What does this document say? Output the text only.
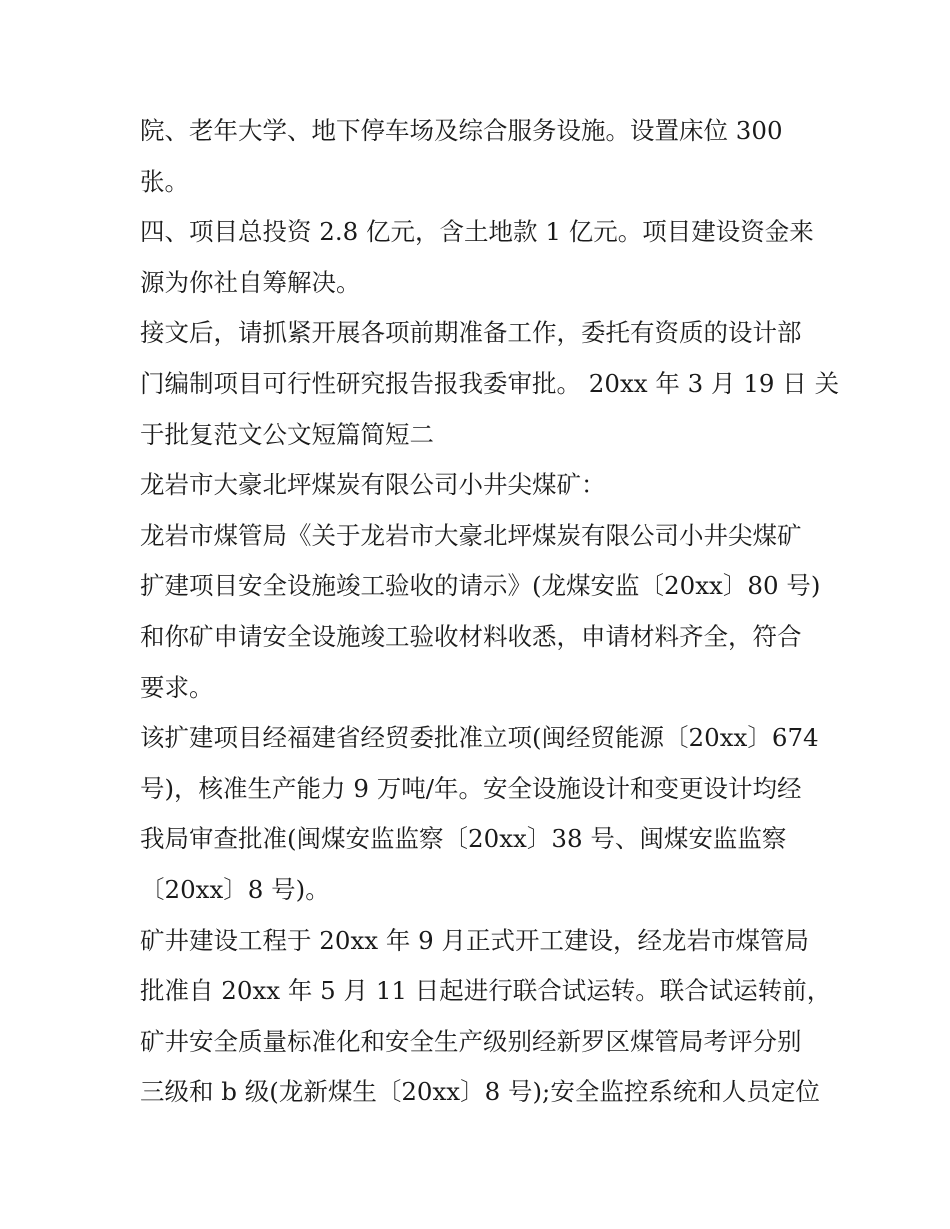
院、老年大学、地下停车场及综合服务设施。设置床位 300
张。
四、项目总投资 2.8 亿元，含土地款 1 亿元。项目建设资金来
源为你社自筹解决。
接文后，请抓紧开展各项前期准备工作，委托有资质的设计部
门编制项目可行性研究报告报我委审批。 20xx 年 3 月 19 日 关
于批复范文公文短篇简短二
龙岩市大豪北坪煤炭有限公司小井尖煤矿：
龙岩市煤管局《关于龙岩市大豪北坪煤炭有限公司小井尖煤矿
扩建项目安全设施竣工验收的请示》(龙煤安监〔20xx〕80 号)
和你矿申请安全设施竣工验收材料收悉，申请材料齐全，符合
要求。
该扩建项目经福建省经贸委批准立项(闽经贸能源〔20xx〕674
号)，核准生产能力 9 万吨/年。安全设施设计和变更设计均经
我局审查批准(闽煤安监监察〔20xx〕38 号、闽煤安监监察
〔20xx〕8 号)。
矿井建设工程于 20xx 年 9 月正式开工建设，经龙岩市煤管局
批准自 20xx 年 5 月 11 日起进行联合试运转。联合试运转前，
矿井安全质量标准化和安全生产级别经新罗区煤管局考评分别
三级和 b 级(龙新煤生〔20xx〕8 号);安全监控系统和人员定位
